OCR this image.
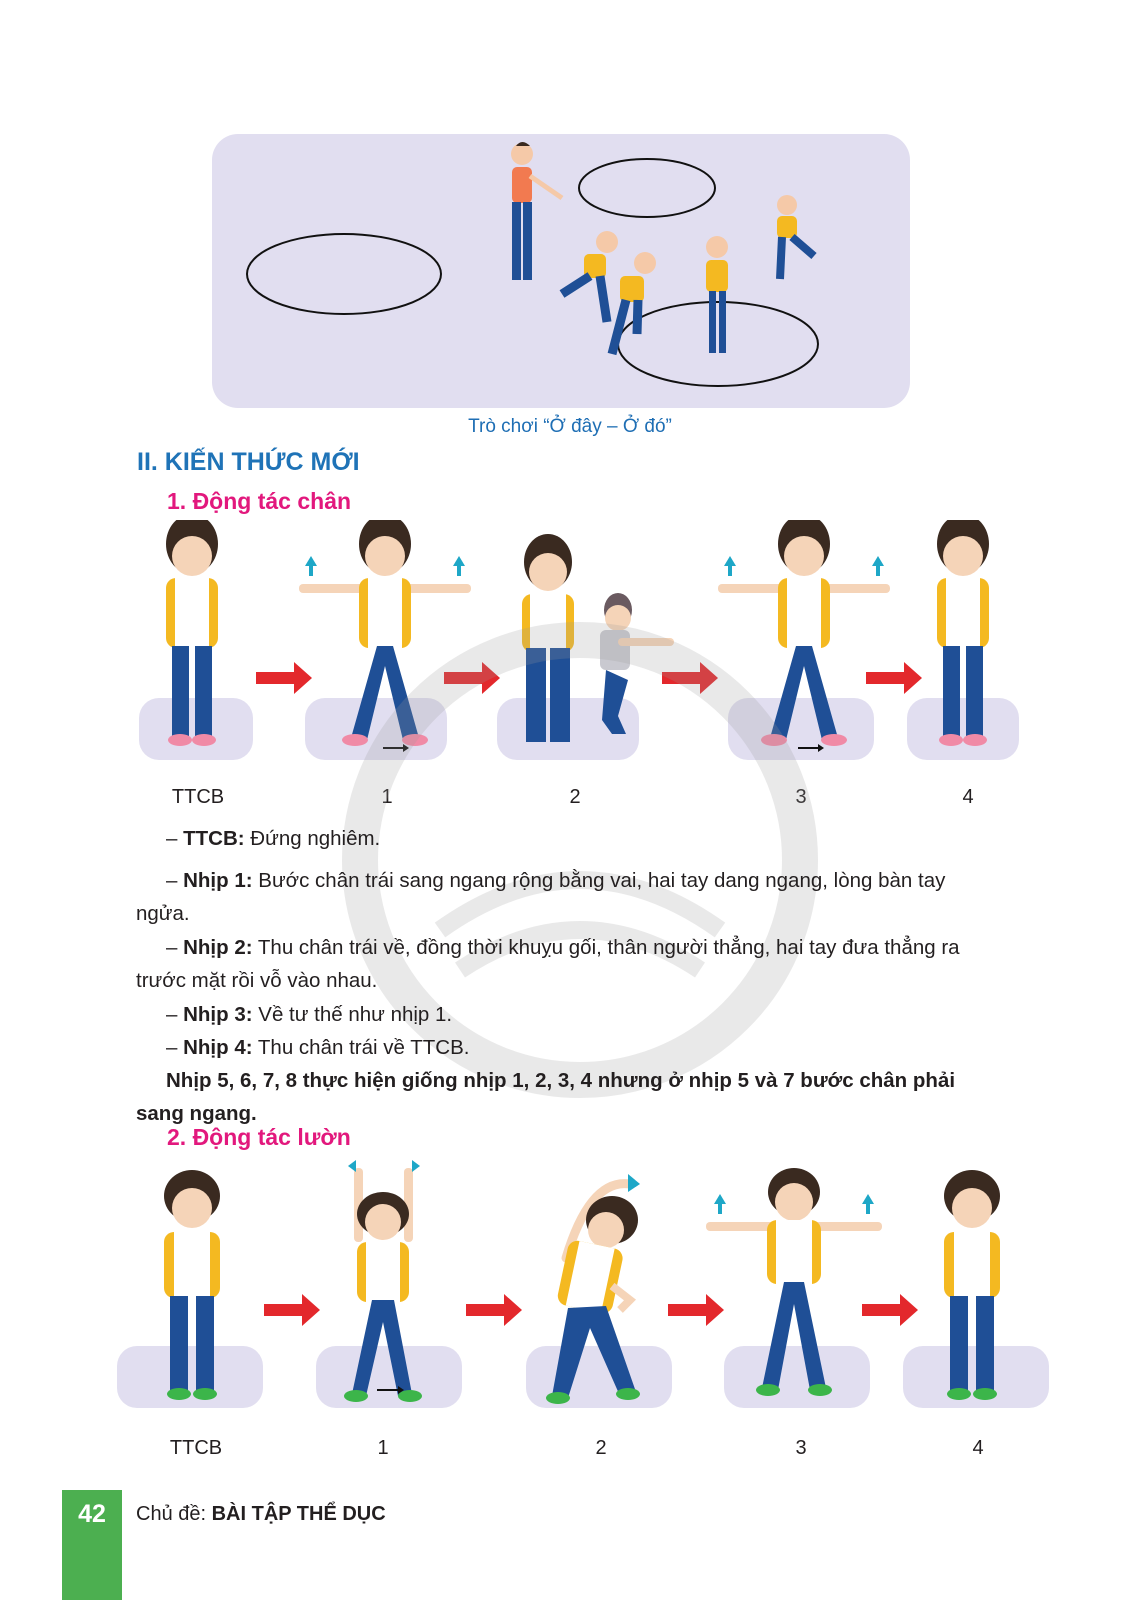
Trò chơi “Ở đây – Ở đó”
II. KIẾN THỨC MỚI
1. Động tác chân
TTCB	1	2	3	4

– TTCB: Đứng nghiêm.

– Nhịp 1: Bước chân trái sang ngang rộng bằng vai, hai tay dang ngang, lòng bàn tay ngửa.

– Nhịp 2: Thu chân trái về, đồng thời khuỵu gối, thân người thẳng, hai tay đưa thẳng ra trước mặt rồi vỗ vào nhau.

– Nhịp 3: Về tư thế như nhịp 1.

– Nhịp 4: Thu chân trái về TTCB.

Nhịp 5, 6, 7, 8 thực hiện giống nhịp 1, 2, 3, 4 nhưng ở nhịp 5 và 7 bước chân phải sang ngang.

2. Động tác lườn
TTCB	1	2	3	4
42	Chủ đề: BÀI TẬP THỂ DỤC
